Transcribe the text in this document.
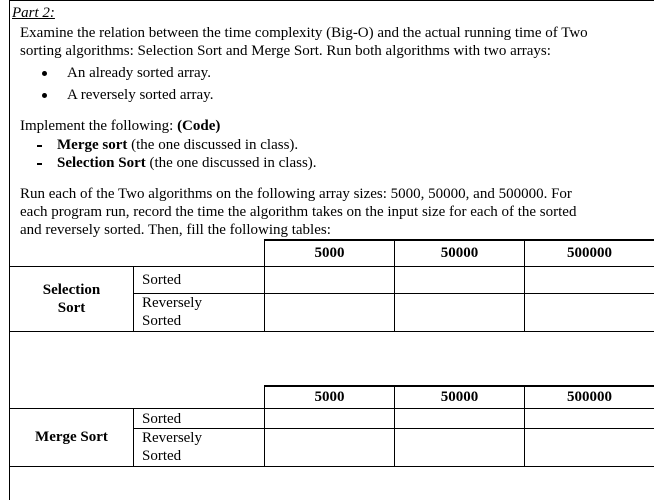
Part 2:
Examine the relation between the time complexity (Big-O) and the actual running time of Two
sorting algorithms: Selection Sort and Merge Sort. Run both algorithms with two arrays:
An already sorted array.
A reversely sorted array.
Implement the following: (Code)
Merge sort (the one discussed in class).
Selection Sort (the one discussed in class).
Run each of the Two algorithms on the following array sizes: 5000, 50000, and 500000. For
each program run, record the time the algorithm takes on the input size for each of the sorted
and reversely sorted. Then, fill the following tables:
		5000	50000	500000

Selection
Sort	Sorted			

	Reversely
Sorted			

		5000	50000	500000

Merge Sort	Sorted			

	Reversely
Sorted			
